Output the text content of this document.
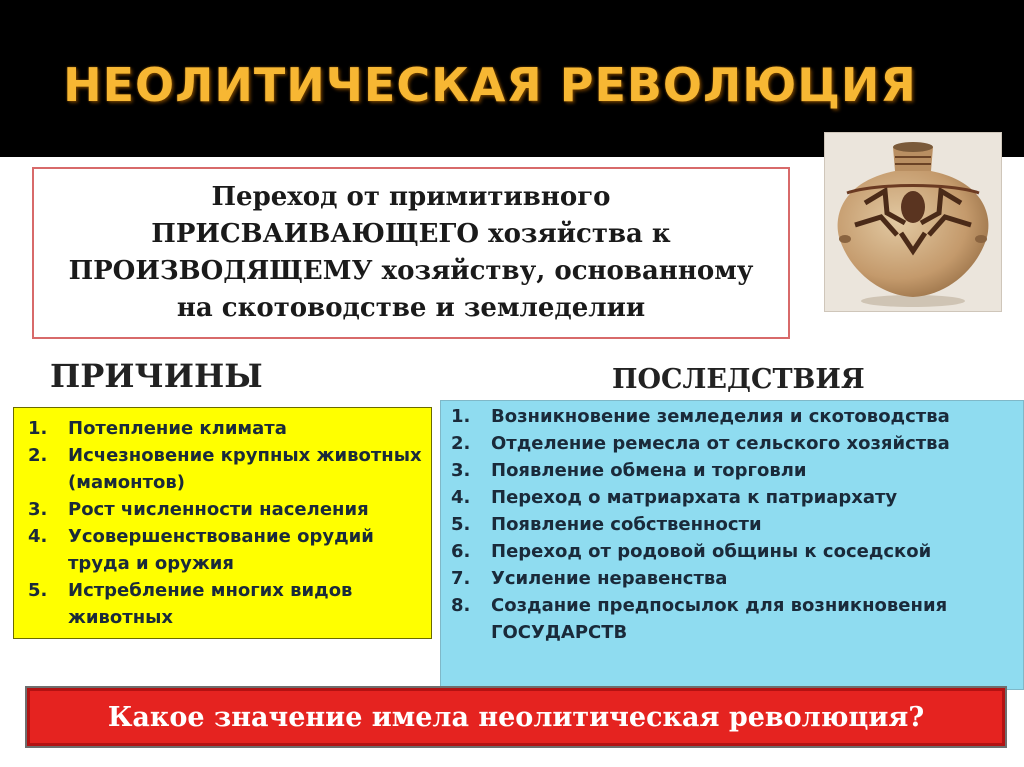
НЕОЛИТИЧЕСКАЯ РЕВОЛЮЦИЯ
Переход от примитивного
ПРИСВАИВАЮЩЕГО хозяйства к
ПРОИЗВОДЯЩЕМУ хозяйству, основанному
на скотоводстве и земледелии
ПРИЧИНЫ	ПОСЛЕДСТВИЯ
1.	Потепление климата
2.	Исчезновение крупных животных (мамонтов)
3.	Рост численности населения
4.	Усовершенствование орудий труда и оружия
5.	Истребление многих видов животных
1.	Возникновение земледелия и скотоводства
2.	Отделение ремесла от сельского хозяйства
3.	Появление обмена и торговли
4.	Переход о матриархата к патриархату
5.	Появление собственности
6.	Переход от родовой общины к соседской
7.	Усиление неравенства
8.	Создание предпосылок для возникновения ГОСУДАРСТВ
Какое значение имела неолитическая революция?
